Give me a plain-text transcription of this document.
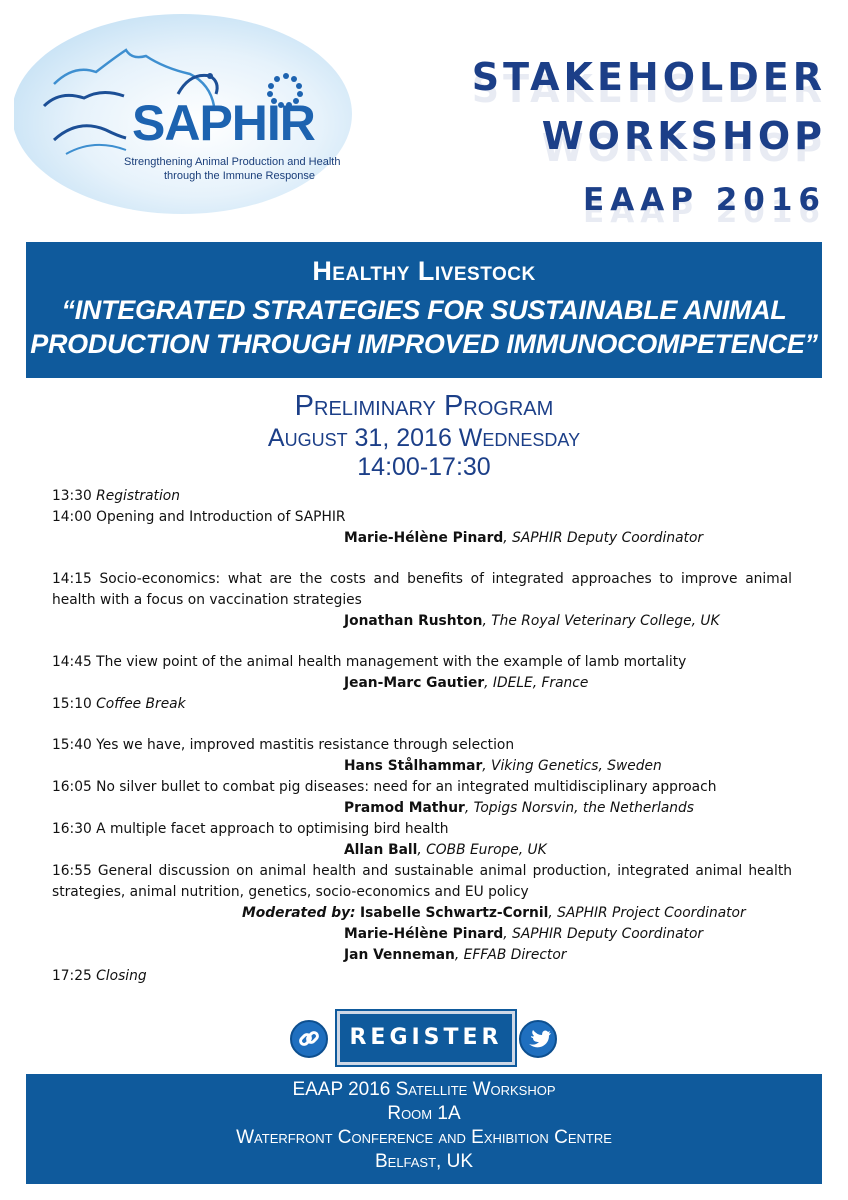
SAPHIR
Strengthening Animal Production and Health
through the Immune Response
STAKEHOLDER
WORKSHOP
EAAP 2016
Healthy Livestock
“INTEGRATED STRATEGIES FOR SUSTAINABLE ANIMAL
PRODUCTION THROUGH IMPROVED IMMUNOCOMPETENCE”
Preliminary Program
August 31, 2016 Wednesday
14:00-17:30
13:30 Registration
14:00 Opening and Introduction of SAPHIR
Marie-Hélène Pinard, SAPHIR Deputy Coordinator
14:15 Socio-economics: what are the costs and benefits of integrated approaches to improve animal
health with a focus on vaccination strategies
Jonathan Rushton, The Royal Veterinary College, UK
14:45 The view point of the animal health management with the example of lamb mortality
Jean-Marc Gautier, IDELE, France
15:10 Coffee Break
15:40 Yes we have, improved mastitis resistance through selection
Hans Stålhammar, Viking Genetics, Sweden
16:05 No silver bullet to combat pig diseases: need for an integrated multidisciplinary approach
Pramod Mathur, Topigs Norsvin, the Netherlands
16:30 A multiple facet approach to optimising bird health
Allan Ball, COBB Europe, UK
16:55 General discussion on animal health and sustainable animal production, integrated animal health
strategies, animal nutrition, genetics, socio-economics and EU policy
Moderated by: Isabelle Schwartz-Cornil, SAPHIR Project Coordinator
Marie-Hélène Pinard, SAPHIR Deputy Coordinator
Jan Venneman, EFFAB Director
17:25 Closing
REGISTER
EAAP 2016 Satellite Workshop
Room 1A
Waterfront Conference and Exhibition Centre
Belfast, UK
